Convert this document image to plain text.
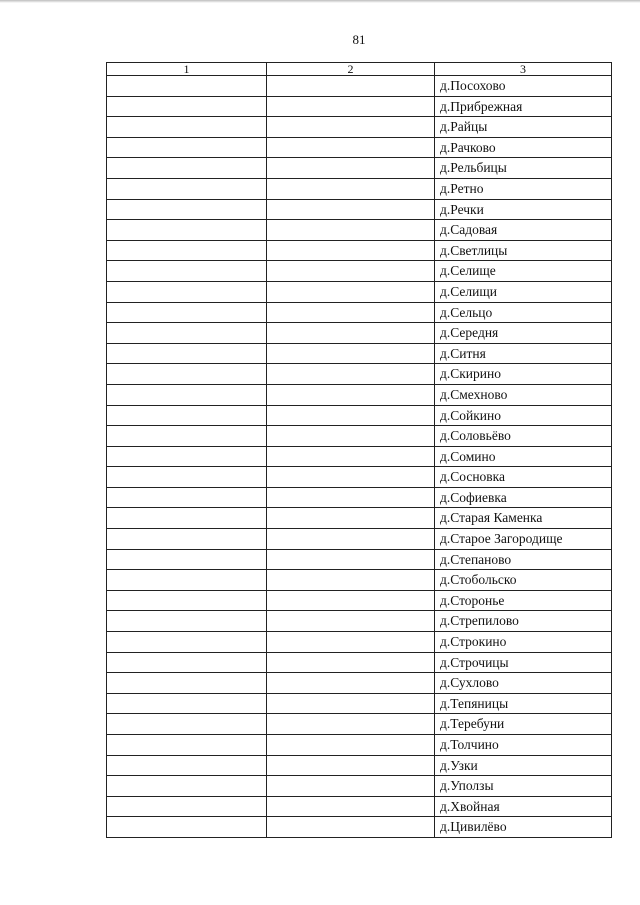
81
1	2	3
		д.Посохово
		д.Прибрежная
		д.Райцы
		д.Рачково
		д.Рельбицы
		д.Ретно
		д.Речки
		д.Садовая
		д.Светлицы
		д.Селище
		д.Селищи
		д.Сельцо
		д.Середня
		д.Ситня
		д.Скирино
		д.Смехново
		д.Сойкино
		д.Соловьёво
		д.Сомино
		д.Сосновка
		д.Софиевка
		д.Старая Каменка
		д.Старое Загородище
		д.Степаново
		д.Стобольско
		д.Сторонье
		д.Стрепилово
		д.Строкино
		д.Строчицы
		д.Сухлово
		д.Тепяницы
		д.Теребуни
		д.Толчино
		д.Узки
		д.Уползы
		д.Хвойная
		д.Цивилёво
